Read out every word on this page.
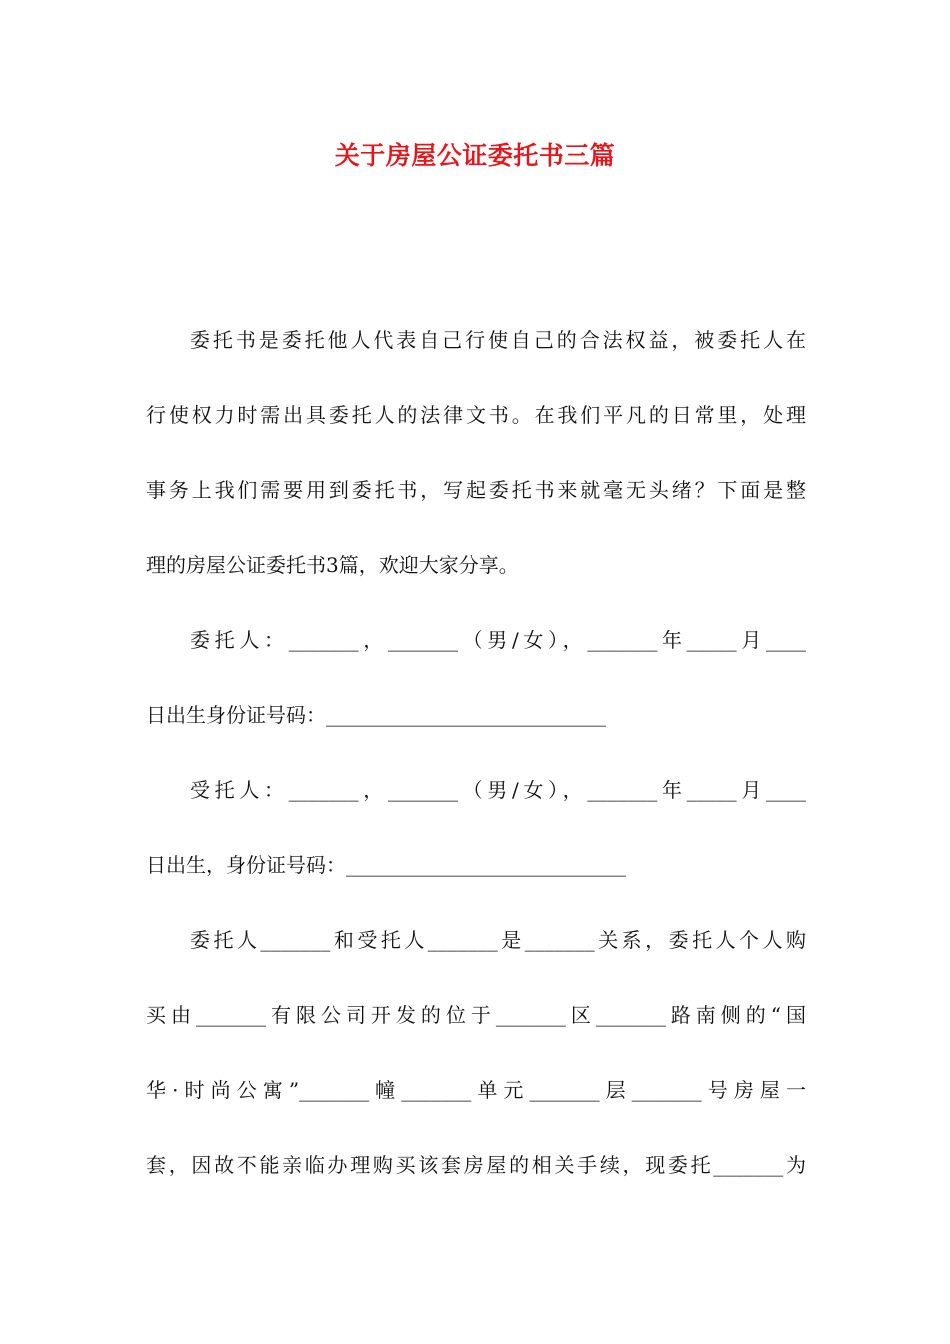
关于房屋公证委托书三篇
委托书是委托他人代表自己行使自己的合法权益，被委托人在
行使权力时需出具委托人的法律文书。在我们平凡的日常里，处理
事务上我们需要用到委托书，写起委托书来就毫无头绪？下面是整
理的房屋公证委托书3篇，欢迎大家分享。
委托人：_______，_______（男/女），_______年_____月____
日出生身份证号码：____________________________
受托人：_______，_______（男/女），_______年_____月____
日出生，身份证号码：____________________________
委托人_______和受托人_______是_______关系，委托人个人购
买由_______有限公司开发的位于_______区_______路南侧的“国
华·时尚公寓”_______幢_______单元_______层_______号房屋一
套，因故不能亲临办理购买该套房屋的相关手续，现委托_______为
